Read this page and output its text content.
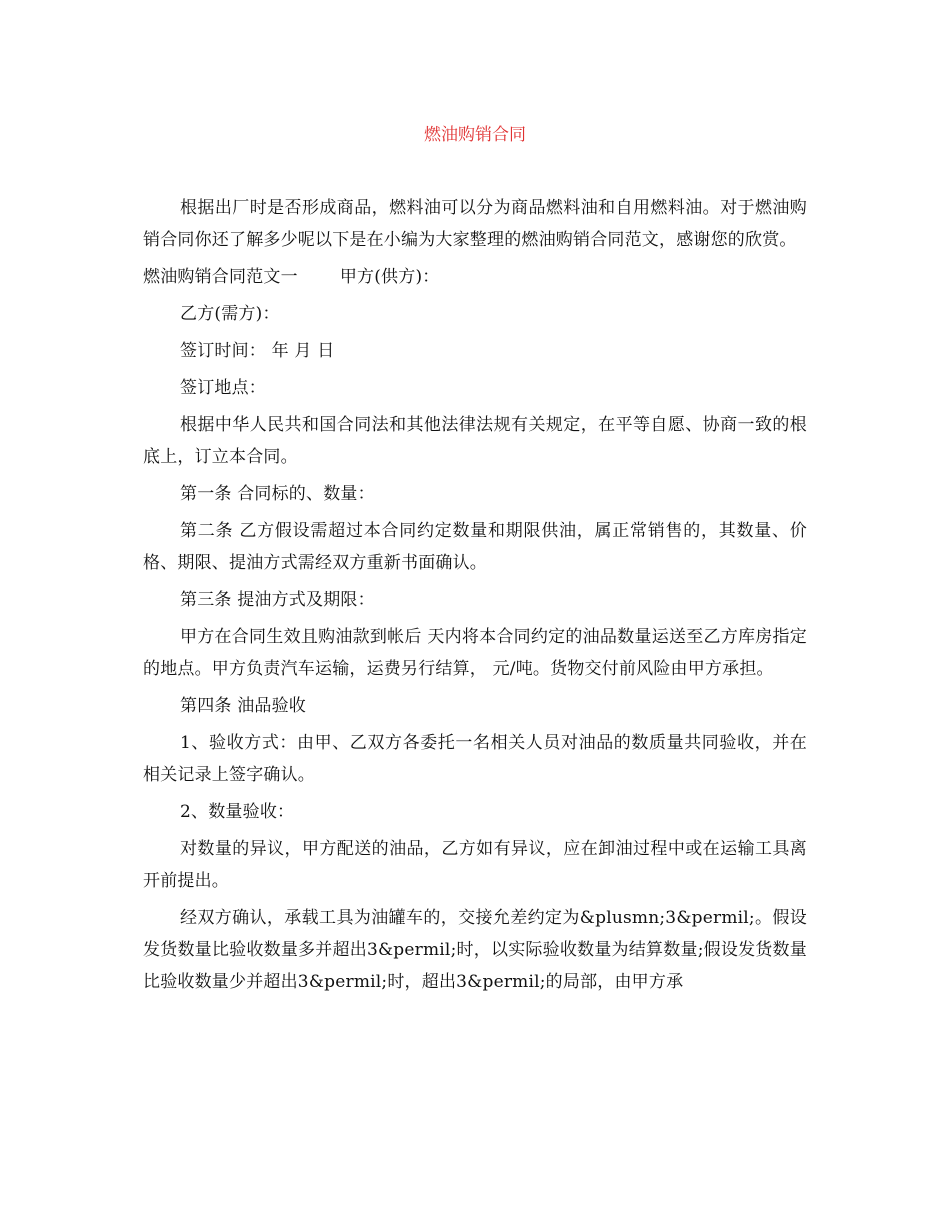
燃油购销合同

根据出厂时是否形成商品，燃料油可以分为商品燃料油和自用燃料油。对于燃油购销合同你还了解多少呢以下是在小编为大家整理的燃油购销合同范文，感谢您的欣赏。

燃油购销合同范文一 甲方(供方)：

乙方(需方)：

签订时间： 年 月 日

签订地点：

根据中华人民共和国合同法和其他法律法规有关规定，在平等自愿、协商一致的根底上，订立本合同。

第一条 合同标的、数量：

第二条 乙方假设需超过本合同约定数量和期限供油，属正常销售的，其数量、价格、期限、提油方式需经双方重新书面确认。

第三条 提油方式及期限：

甲方在合同生效且购油款到帐后 天内将本合同约定的油品数量运送至乙方库房指定的地点。甲方负责汽车运输，运费另行结算， 元/吨。货物交付前风险由甲方承担。

第四条 油品验收

1、验收方式：由甲、乙双方各委托一名相关人员对油品的数质量共同验收，并在相关记录上签字确认。

2、数量验收：

对数量的异议，甲方配送的油品，乙方如有异议，应在卸油过程中或在运输工具离开前提出。

经双方确认，承载工具为油罐车的，交接允差约定为&plusmn;3&permil;。假设发货数量比验收数量多并超出3&permil;时，以实际验收数量为结算数量;假设发货数量比验收数量少并超出3&permil;时，超出3&permil;的局部，由甲方承
